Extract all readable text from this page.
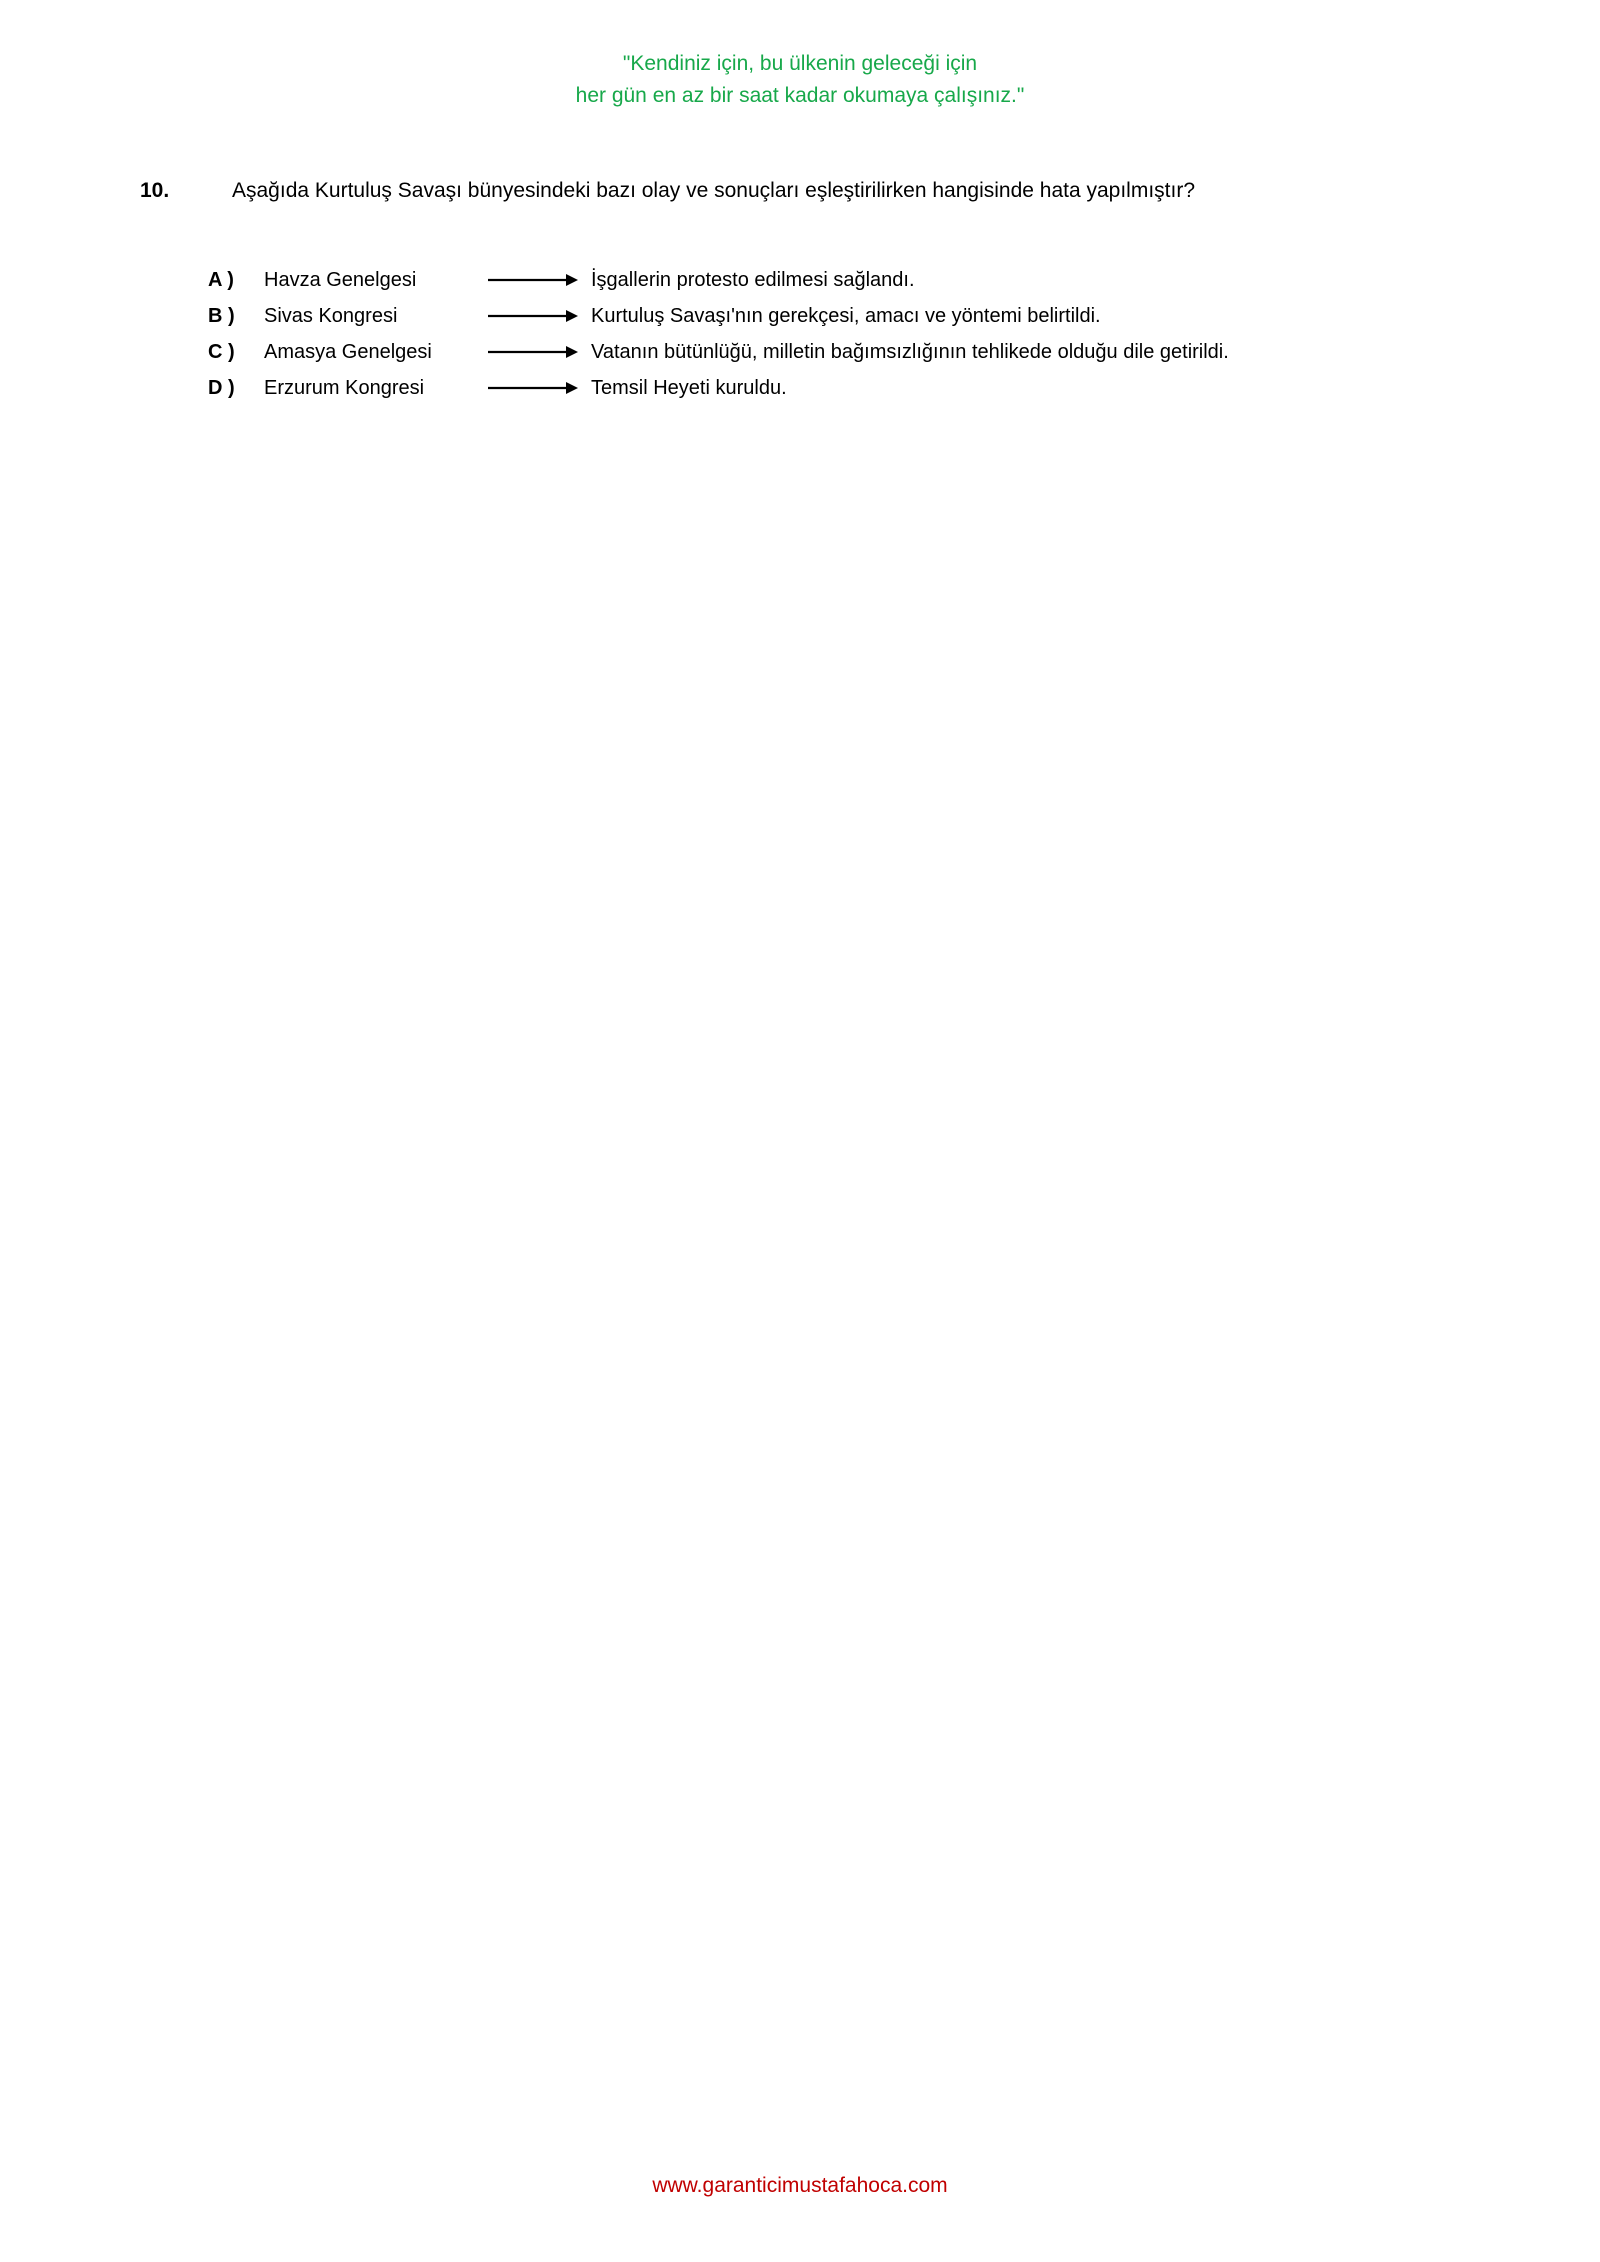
"Kendiniz için, bu ülkenin geleceği için
her gün en az bir saat kadar okumaya çalışınız."
10.	Aşağıda Kurtuluş Savaşı bünyesindeki bazı olay ve sonuçları eşleştirilirken hangisinde hata yapılmıştır?
A )	Havza Genelgesi	İşgallerin protesto edilmesi sağlandı.
B )	Sivas Kongresi	Kurtuluş Savaşı'nın gerekçesi, amacı ve yöntemi belirtildi.
C )	Amasya Genelgesi	Vatanın bütünlüğü, milletin bağımsızlığının tehlikede olduğu dile getirildi.
D )	Erzurum Kongresi	Temsil Heyeti kuruldu.
www.garanticimustafahoca.com
